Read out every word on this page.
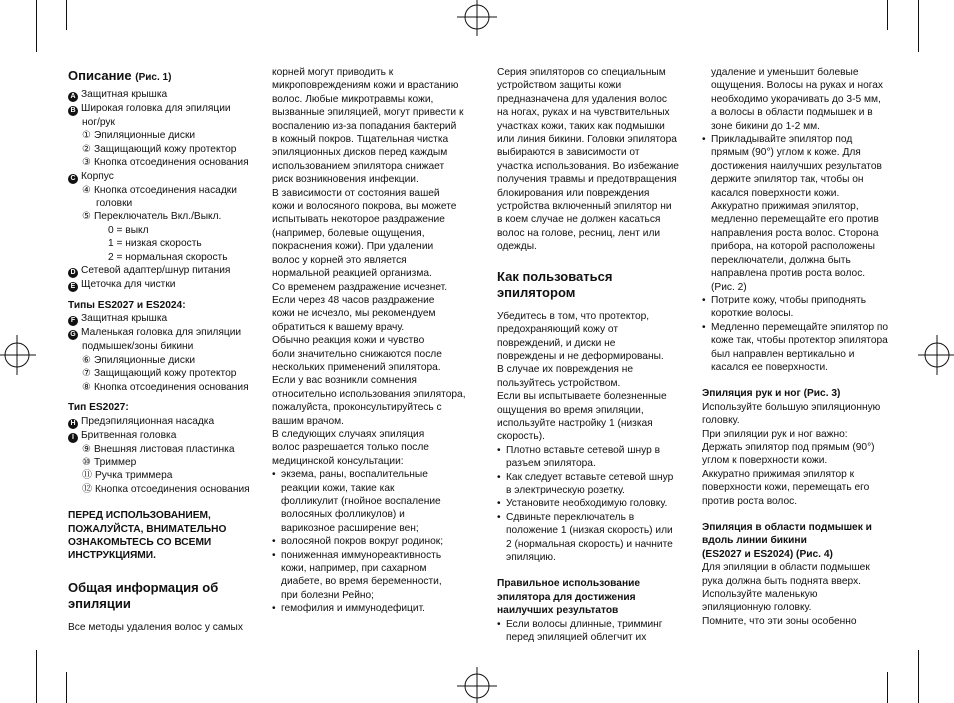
Описание (Рис. 1)
A Защитная крышка
B Широкая головка для эпиляции
ног/рук
① Эпиляционные диски
② Защищающий кожу протектор
③ Кнопка отсоединения основания
C Корпус
④ Кнопка отсоединения насадки
головки
⑤ Переключатель Вкл./Выкл.
0 = выкл
1 = низкая скорость
2 = нормальная скорость
D Сетевой адаптер/шнур питания
E Щеточка для чистки
Типы ES2027 и ES2024:
F Защитная крышка
G Маленькая головка для эпиляции
подмышек/зоны бикини
⑥ Эпиляционные диски
⑦ Защищающий кожу протектор
⑧ Кнопка отсоединения основания
Тип ES2027:
H Предэпиляционная насадка
I Бритвенная головка
⑨ Внешняя листовая пластинка
⑩ Триммер
⑪ Ручка триммера
⑫ Кнопка отсоединения основания
ПЕРЕД ИСПОЛЬЗОВАНИЕМ,
ПОЖАЛУЙСТА, ВНИМАТЕЛЬНО
ОЗНАКОМЬТЕСЬ СО ВСЕМИ
ИНСТРУКЦИЯМИ.
Общая информация об
эпиляции
Все методы удаления волос у самых
корней могут приводить к
микроповреждениям кожи и врастанию
волос. Любые микротравмы кожи,
вызванные эпиляцией, могут привести к
воспалению из-за попадания бактерий
в кожный покров. Тщательная чистка
эпиляционных дисков перед каждым
использованием эпилятора снижает
риск возникновения инфекции.
В зависимости от состояния вашей
кожи и волосяного покрова, вы можете
испытывать некоторое раздражение
(например, болевые ощущения,
покраснения кожи). При удалении
волос у корней это является
нормальной реакцией организма.
Со временем раздражение исчезнет.
Если через 48 часов раздражение
кожи не исчезло, мы рекомендуем
обратиться к вашему врачу.
Обычно реакция кожи и чувство
боли значительно снижаются после
нескольких применений эпилятора.
Если у вас возникли сомнения
относительно использования эпилятора,
пожалуйста, проконсультируйтесь с
вашим врачом.
В следующих случаях эпиляция
волос разрешается только после
медицинской консультации:
• экзема, раны, воспалительные
реакции кожи, такие как
фолликулит (гнойное воспаление
волосяных фолликулов) и
варикозное расширение вен;
• волосяной покров вокруг родинок;
• пониженная иммунореактивность
кожи, например, при сахарном
диабете, во время беременности,
при болезни Рейно;
• гемофилия и иммунодефицит.
Серия эпиляторов со специальным
устройством защиты кожи
предназначена для удаления волос
на ногах, руках и на чувствительных
участках кожи, таких как подмышки
или линия бикини. Головки эпилятора
выбираются в зависимости от
участка использования. Во избежание
получения травмы и предотвращения
блокирования или повреждения
устройства включенный эпилятор ни
в коем случае не должен касаться
волос на голове, ресниц, лент или
одежды.
Как пользоваться эпилятором
Убедитесь в том, что протектор,
предохраняющий кожу от
повреждений, и диски не
повреждены и не деформированы.
В случае их повреждения не
пользуйтесь устройством.
Если вы испытываете болезненные
ощущения во время эпиляции,
используйте настройку 1 (низкая
скорость).
• Плотно вставьте сетевой шнур в
разъем эпилятора.
• Как следует вставьте сетевой шнур
в электрическую розетку.
• Установите необходимую головку.
• Сдвиньте переключатель в
положение 1 (низкая скорость) или
2 (нормальная скорость) и начните
эпиляцию.
Правильное использование
эпилятора для достижения
наилучших результатов
• Если волосы длинные, тримминг
перед эпиляцией облегчит их
удаление и уменьшит болевые
ощущения. Волосы на руках и ногах
необходимо укорачивать до 3-5 мм,
а волосы в области подмышек и в
зоне бикини до 1-2 мм.
• Прикладывайте эпилятор под
прямым (90°) углом к коже. Для
достижения наилучших результатов
держите эпилятор так, чтобы он
касался поверхности кожи.
Аккуратно прижимая эпилятор,
медленно перемещайте его против
направления роста волос. Сторона
прибора, на которой расположены
переключатели, должна быть
направлена против роста волос.
(Рис. 2)
• Потрите кожу, чтобы приподнять
короткие волосы.
• Медленно перемещайте эпилятор по
коже так, чтобы протектор эпилятора
был направлен вертикально и
касался ее поверхности.
Эпиляция рук и ног (Рис. 3)
Используйте большую эпиляционную
головку.
При эпиляции рук и ног важно:
Держать эпилятор под прямым (90°)
углом к поверхности кожи.
Аккуратно прижимая эпилятор к
поверхности кожи, перемещать его
против роста волос.
Эпиляция в области подмышек и
вдоль линии бикини
(ES2027 и ES2024) (Рис. 4)
Для эпиляции в области подмышек
рука должна быть поднята вверх.
Используйте маленькую
эпиляционную головку.
Помните, что эти зоны особенно
